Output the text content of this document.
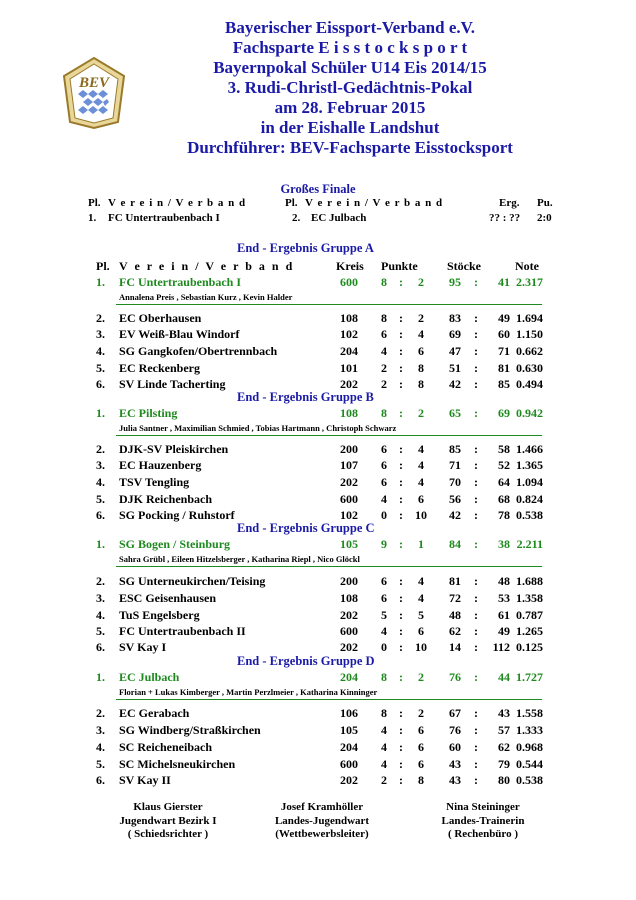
BEV
Bayerischer Eissport-Verband e.V.
Fachsparte E i s s t o c k s p o r t
Bayernpokal Schüler U14 Eis 2014/15
3. Rudi-Christl-Gedächtnis-Pokal
am 28. Februar 2015
in der Eishalle Landshut
Durchführer: BEV-Fachsparte Eisstocksport
Großes Finale
Pl. V e r e i n / V e r b a n d	Pl. V e r e i n / V e r b a n d	Erg. Pu.
1. FC Untertraubenbach I	2. EC Julbach	?? : ?? 2:0
End - Ergebnis Gruppe A
Pl. V e r e i n / V e r b a n d	Kreis Punkte Stöcke	Note
End - Ergebnis Gruppe B
End - Ergebnis Gruppe C
End - Ergebnis Gruppe D
Annalena Preis , Sebastian Kurz , Kevin Halder
Julia Santner , Maximilian Schmied , Tobias Hartmann , Christoph Schwarz
Sahra Grübl , Eileen Hitzelsberger , Katharina Riepl , Nico Glöckl
Florian + Lukas Kimberger , Martin Perzlmeier , Katharina Kinninger
1. FC Untertraubenbach I	600	8	:	2	95	:	41 2.317
2. EC Oberhausen	108	8	:	2	83	:	49 1.694
3. EV Weiß-Blau Windorf	102	6	:	4	69	:	60 1.150
4. SG Gangkofen/Obertrennbach	204	4	:	6	47	:	71 0.662
5. EC Reckenberg	101	2	:	8	51	:	81 0.630
6. SV Linde Tacherting	202	2	:	8	42	:	85 0.494
1. EC Pilsting	108	8	:	2	65	:	69 0.942
2. DJK-SV Pleiskirchen	200	6	:	4	85	:	58 1.466
3. EC Hauzenberg	107	6	:	4	71	:	52 1.365
4. TSV Tengling	202	6	:	4	70	:	64 1.094
5. DJK Reichenbach	600	4	:	6	56	:	68 0.824
6. SG Pocking / Ruhstorf	102	0	:	10	42	:	78 0.538
1. SG Bogen / Steinburg	105	9	:	1	84	:	38 2.211
2. SG Unterneukirchen/Teising	200	6	:	4	81	:	48 1.688
3. ESC Geisenhausen	108	6	:	4	72	:	53 1.358
4. TuS Engelsberg	202	5	:	5	48	:	61 0.787
5. FC Untertraubenbach II	600	4	:	6	62	:	49 1.265
6. SV Kay I	202	0	:	10	14	:	112 0.125
1. EC Julbach	204	8	:	2	76	:	44 1.727
2. EC Gerabach	106	8	:	2	67	:	43 1.558
3. SG Windberg/Straßkirchen	105	4	:	6	76	:	57 1.333
4. SC Reicheneibach	204	4	:	6	60	:	62 0.968
5. SC Michelsneukirchen	600	4	:	6	43	:	79 0.544
6. SV Kay II	202	2	:	8	43	:	80 0.538
Klaus Gierster
Jugendwart Bezirk I
( Schiedsrichter )
Josef Kramhöller
Landes-Jugendwart
(Wettbewerbsleiter)
Nina Steininger
Landes-Trainerin
( Rechenbüro )
